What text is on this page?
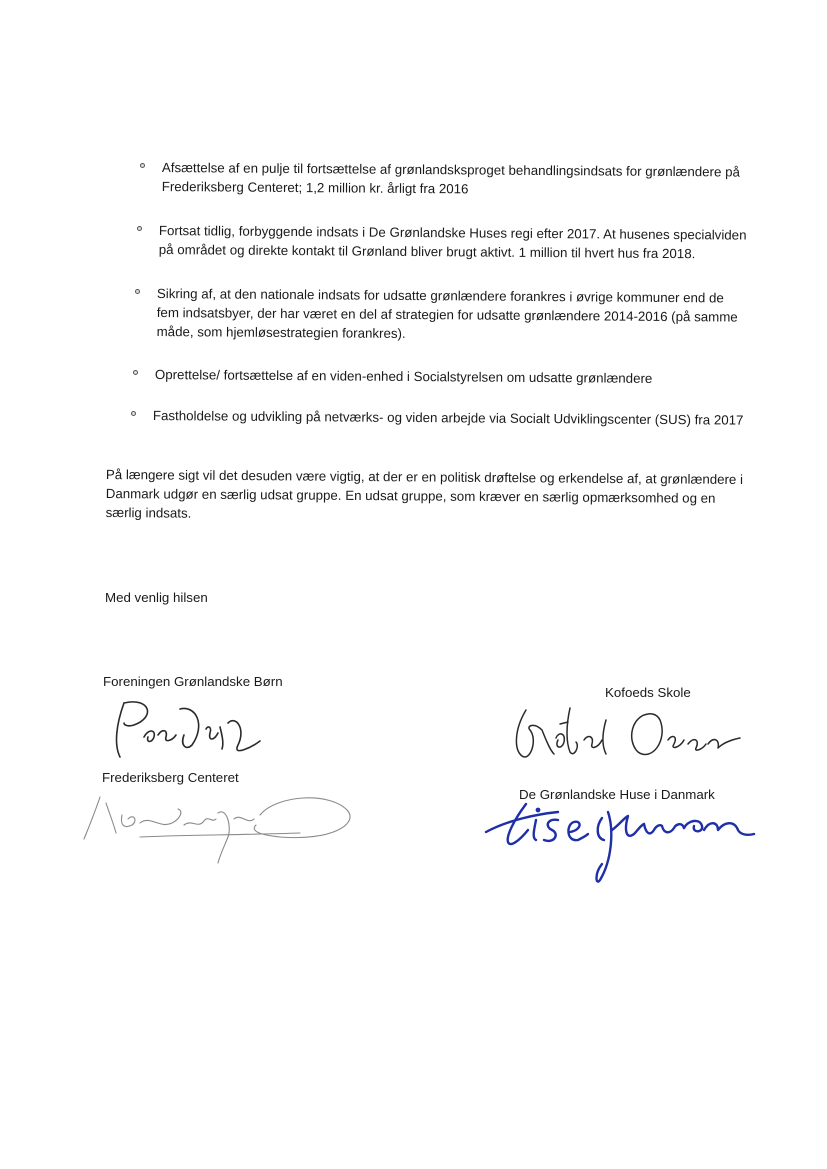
Afsættelse af en pulje til fortsættelse af grønlandsksproget behandlingsindsats for grønlændere på
Frederiksberg Centeret; 1,2 million kr. årligt fra 2016
Fortsat tidlig, forbyggende indsats i De Grønlandske Huses regi efter 2017. At husenes specialviden
på området og direkte kontakt til Grønland bliver brugt aktivt. 1 million til hvert hus fra 2018.
Sikring af, at den nationale indsats for udsatte grønlændere forankres i øvrige kommuner end de
fem indsatsbyer, der har været en del af strategien for udsatte grønlændere 2014-2016 (på samme
måde, som hjemløsestrategien forankres).
Oprettelse/ fortsættelse af en viden-enhed i Socialstyrelsen om udsatte grønlændere
Fastholdelse og udvikling på netværks- og viden arbejde via Socialt Udviklingscenter (SUS) fra 2017
På længere sigt vil det desuden være vigtig, at der er en politisk drøftelse og erkendelse af, at grønlændere i
Danmark udgør en særlig udsat gruppe. En udsat gruppe, som kræver en særlig opmærksomhed og en
særlig indsats.
Med venlig hilsen
Foreningen Grønlandske Børn
Frederiksberg Centeret
Kofoeds Skole
De Grønlandske Huse i Danmark
